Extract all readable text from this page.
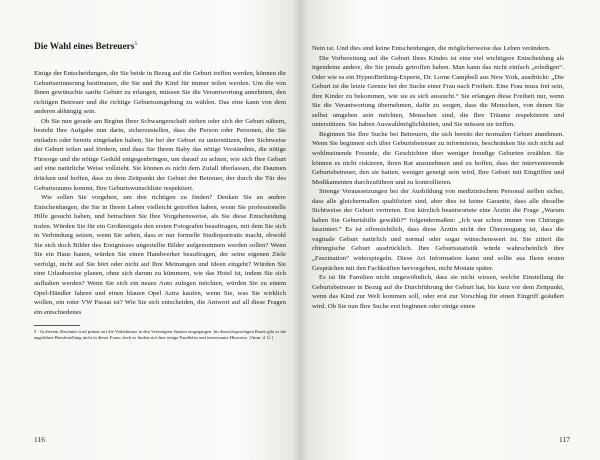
Die Wahl eines Betreuers$^5$

Einige der Entscheidungen, die Sie beide in Bezug auf die Geburt treffen werden, können die Geburtserinnerung bestimmen, die Sie und Ihr Kind für immer teilen werden. Um die von Ihnen gewünschte sanfte Geburt zu erlangen, müssen Sie die Verantwortung annehmen, den richtigen Betreuer und die richtige Geburtsumgebung zu wählen. Das eine kann von dem anderen abhängig sein.

Ob Sie nun gerade am Beginn Ihrer Schwangerschaft stehen oder sich der Geburt nähern, besteht Ihre Aufgabe nun darin, sicherzustellen, dass die Person oder Personen, die Sie einladen oder bereits eingeladen haben, Sie bei der Geburt zu unterstützen, Ihre Sichtweise der Geburt teilen und fördern, und dass Sie Ihrem Baby das nötige Verständnis, die nötige Fürsorge und die nötige Geduld entgegenbringen, um darauf zu achten, wie sich Ihre Geburt auf eine natürliche Weise vollzieht. Sie können es nicht dem Zufall überlassen, die Daumen drücken und hoffen, dass zu dem Zeitpunkt der Geburt der Betreuer, der durch die Tür des Geburtsraums kommt, Ihre Geburtswunschliste respektiert.

Wie sollen Sie vorgehen, um den richtigen zu finden? Denken Sie an andere Entscheidungen, die Sie in Ihrem Leben vielleicht getroffen haben, wenn Sie professionelle Hilfe gesucht haben, und betrachten Sie Ihre Vorgehensweise, als Sie diese Entscheidung trafen. Würden Sie für ein Großereignis den ersten Fotografen beauftragen, mit dem Sie sich in Verbindung setzen, wenn Sie sehen, dass er nur formelle Studioportraits macht, obwohl Sie sich doch Bilder des Ereignisses ungestellte Bilder aufgenommen werden sollen? Wenn Sie ein Haus bauen, würden Sie einen Handwerker beauftragen, der seine eigenen Ziele verfolgt, nicht auf Sie hört oder nicht auf Ihre Meinungen und Ideen eingeht? Würden Sie eine Urlaubsreise planen, ohne sich darum zu kümmern, wie das Hotel ist, indem Sie sich aufhalten werden? Wenn Sie sich ein neues Auto zulegen möchten, würden Sie zu einem Opel-Händler fahren und einen blauen Opel Astra kaufen, wenn Sie, was Sie wirklich wollen, ein roter VW Passat ist? Wie Sie sich entscheiden, die Antwort auf all diese Fragen ein entschiedenes

5 · In diesem Abschnitt wird primär auf die Verhältnisse in den Vereinigten Staaten eingegangen. Im deutschsprachigen Raum gibt es die angeführte Berufsstellung nicht in dieser Form; doch es finden sich hier einige Parallelen und interessante Hinweise. [Anm. d. Ü.]
116

Nein ist. Und dies sind keine Entscheidungen, die möglicherweise das Leben verändern.

Die Vorbereitung auf die Geburt Ihres Kindes ist eine viel wichtigere Entscheidung als irgendeine andere, die Sie jemals getroffen haben. Man kann das nicht einfach „erledigen“. Oder wie es ein HypnoBirthing-Experte, Dr. Lorne Campbell aus New York, ausdrückt: „Die Geburt ist die letzte Grenze bei der Suche einer Frau nach Freiheit. Eine Frau muss frei sein, ihre Kinder zu bekommen, wie sie es sich aussucht.“ Sie erlangen diese Freiheit nur, wenn Sie die Verantwortung übernehmen, dafür zu sorgen, dass die Menschen, von denen Sie selbst umgeben sein möchten, Menschen sind, die Ihre Träume respektieren und unterstützen. Sie haben Auswahlmöglichkeiten, und Sie müssen sie treffen.

Beginnen Sie Ihre Suche bei Betreuern, die sich bereits der normalen Geburt annehmen. Wenn Sie beginnen sich über Geburtsbetreuer zu informieren, beschränken Sie sich nicht auf wohlmeinende Freunde, die Geschichten über weniger freudige Geburten erzählen. Sie können es nicht riskieren, ihren Rat anzunehmen und zu hoffen, dass der intervenierende Geburtsbetreuer, den sie hatten, weniger geneigt sein wird, Ihre Geburt mit Eingriffen und Medikamenten durchzuführen und zu kontrollieren.

Strenge Voraussetzungen bei der Ausbildung von medizinischem Personal stellen sicher, dass alle gleichermaßen qualifiziert sind, aber dies ist keine Garantie, dass alle dieselbe Sichtweise der Geburt vertreten. Erst kürzlich beantwortete eine Ärztin die Frage „Warum haben Sie Geburtshilfe gewählt?“ folgendermaßen: „Ich war schon immer von Chirurgie fasziniert.“ Es ist offensichtlich, dass diese Ärztin nicht der Überzeugung ist, dass die vaginale Geburt natürlich und normal oder sogar wünschenswert ist. Sie zitiert die chirurgische Geburt ausdrücklich. Ihre Geburtsstatistik würde wahrscheinlich ihre „Faszination“ widerspiegeln. Diese Art Information kann und sollte aus Ihren ersten Gesprächen mit den Fachkräften hervorgehen, nicht Monate später.

Es ist für Familien nicht ungewöhnlich, dass sie nicht wissen, welche Einstellung ihr Geburtsbetreuer in Bezug auf die Durchführung der Geburt hat, bis kurz vor dem Zeitpunkt, wenn das Kind zur Welt kommen soll, oder erst zur Vorschlag für einen Eingriff geäußert wird. Ob Sie nun Ihre Suche erst beginnen oder einige einen

117
